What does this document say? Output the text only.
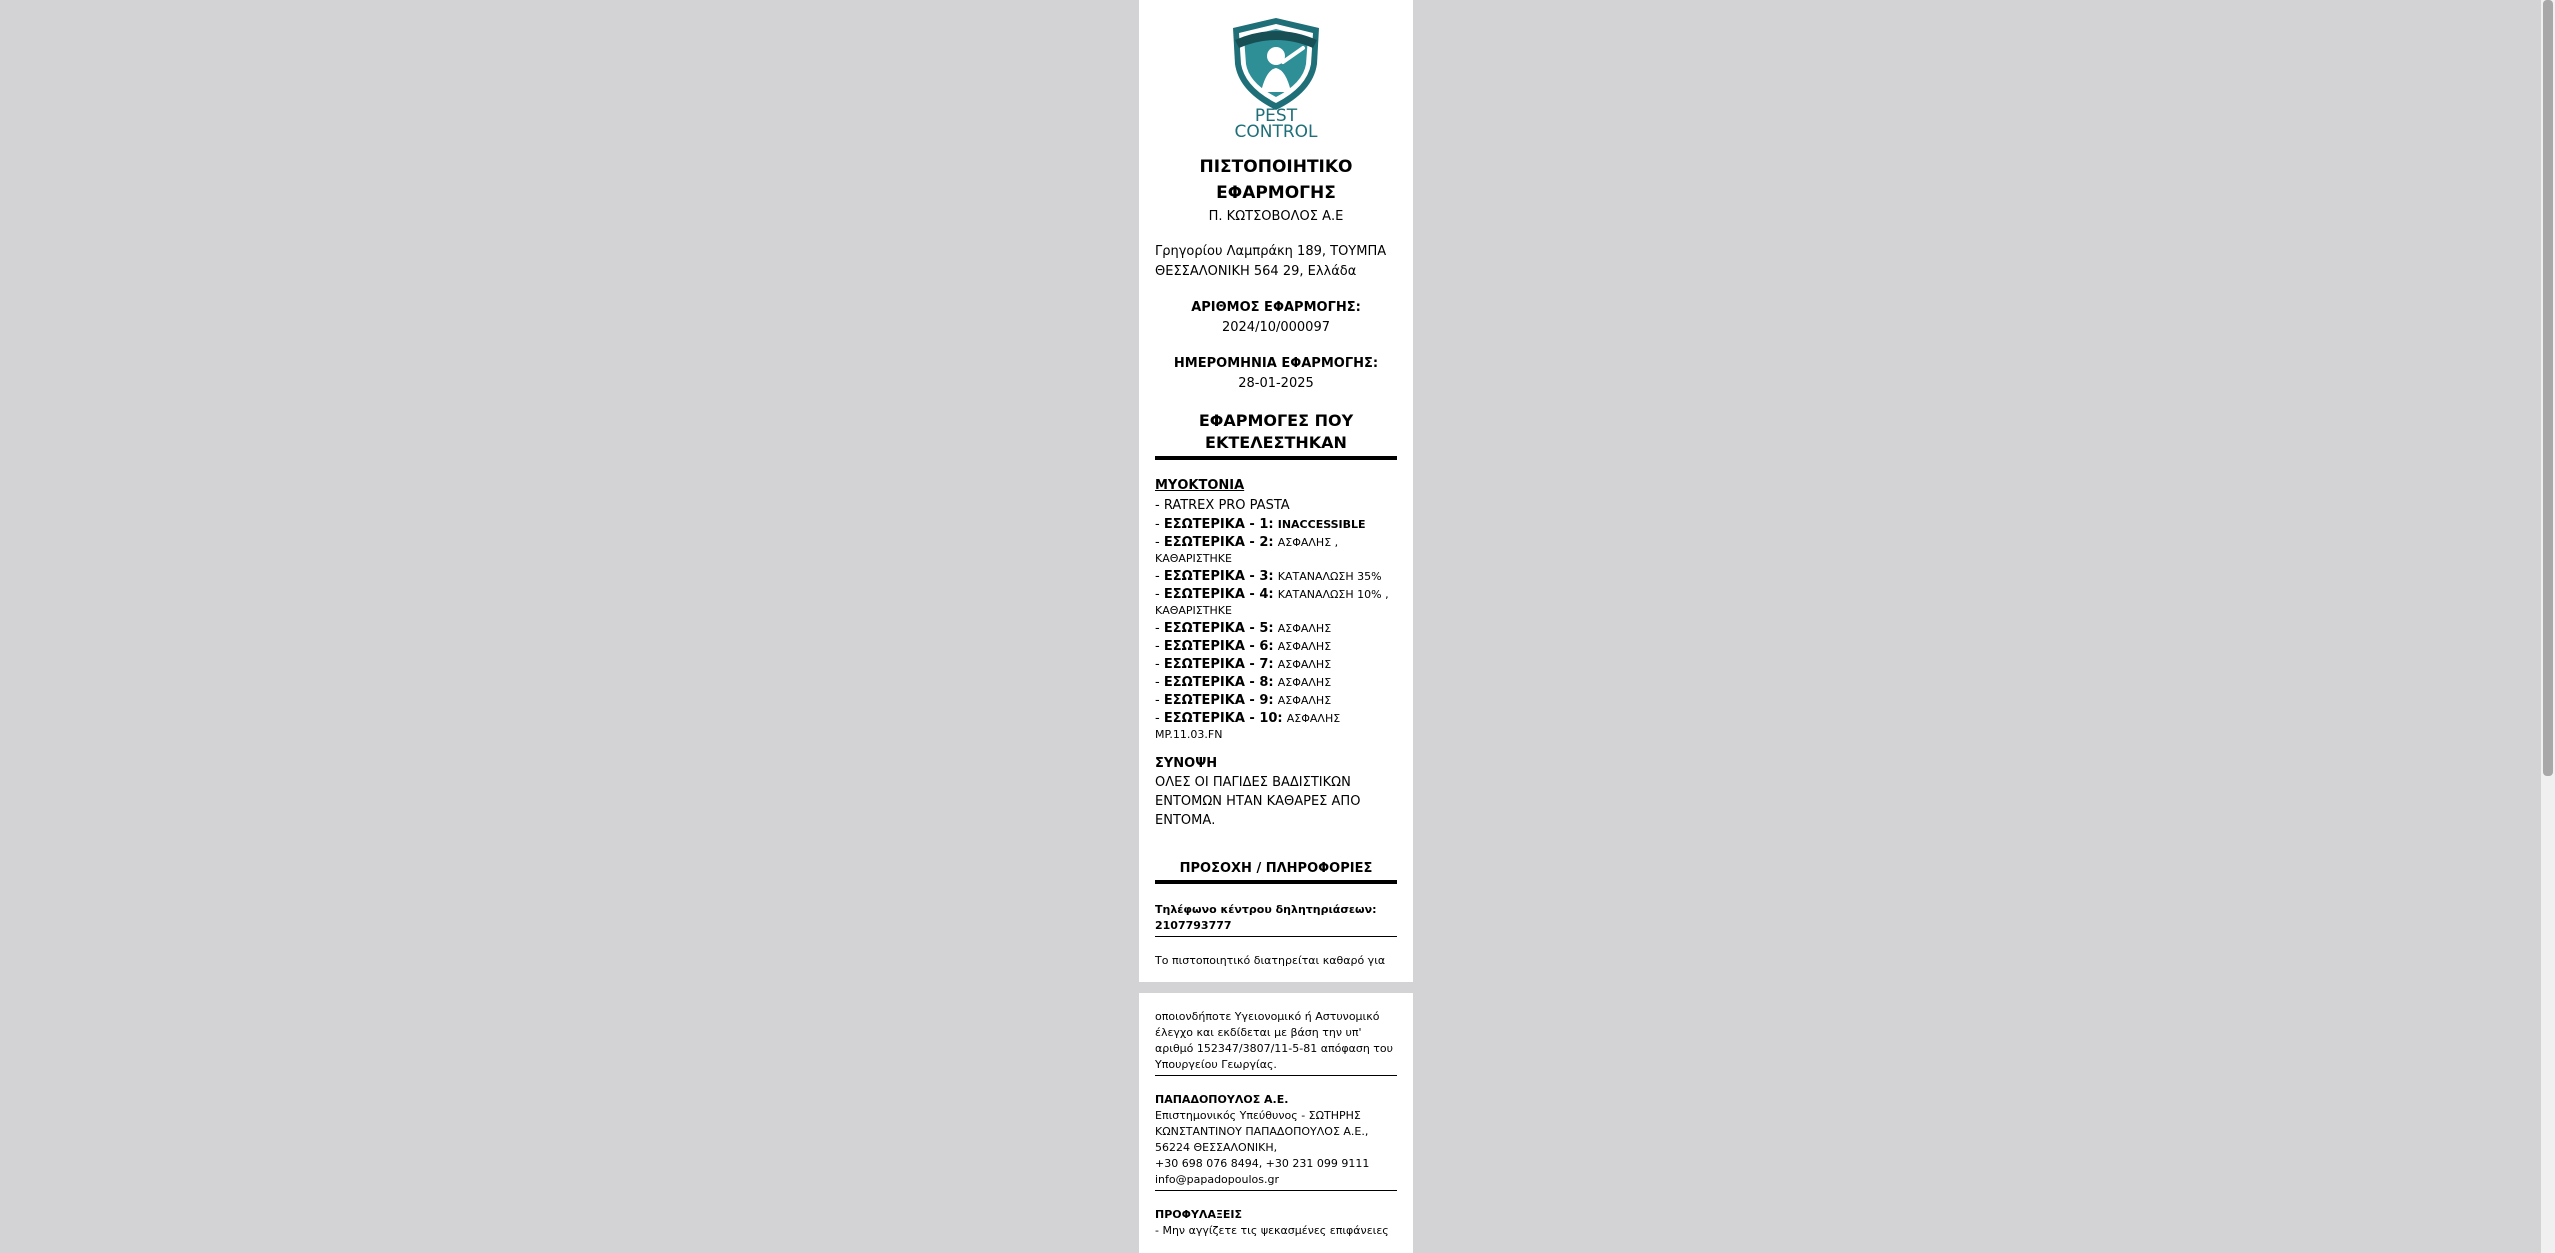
PEST
CONTROL
ΠΙΣΤΟΠΟΙΗΤΙΚΟ ΕΦΑΡΜΟΓΗΣ
Π. ΚΩΤΣΟΒΟΛΟΣ Α.Ε
Γρηγορίου Λαμπράκη 189, ΤΟΥΜΠΑ ΘΕΣΣΑΛΟΝΙΚΗ 564 29, Ελλάδα
ΑΡΙΘΜΟΣ ΕΦΑΡΜΟΓΗΣ:
2024/10/000097
ΗΜΕΡΟΜΗΝΙΑ ΕΦΑΡΜΟΓΗΣ:
28-01-2025
ΕΦΑΡΜΟΓΕΣ ΠΟΥ ΕΚΤΕΛΕΣΤΗΚΑΝ
ΜΥΟΚΤΟΝΙΑ
- RATREX PRO PASTA
- ΕΣΩΤΕΡΙΚΑ - 1: INACCESSIBLE
- ΕΣΩΤΕΡΙΚΑ - 2: ΑΣΦΑΛΗΣ , ΚΑΘΑΡΙΣΤΗΚΕ
- ΕΣΩΤΕΡΙΚΑ - 3: ΚΑΤΑΝΑΛΩΣΗ 35%
- ΕΣΩΤΕΡΙΚΑ - 4: ΚΑΤΑΝΑΛΩΣΗ 10% , ΚΑΘΑΡΙΣΤΗΚΕ
- ΕΣΩΤΕΡΙΚΑ - 5: ΑΣΦΑΛΗΣ
- ΕΣΩΤΕΡΙΚΑ - 6: ΑΣΦΑΛΗΣ
- ΕΣΩΤΕΡΙΚΑ - 7: ΑΣΦΑΛΗΣ
- ΕΣΩΤΕΡΙΚΑ - 8: ΑΣΦΑΛΗΣ
- ΕΣΩΤΕΡΙΚΑ - 9: ΑΣΦΑΛΗΣ
- ΕΣΩΤΕΡΙΚΑ - 10: ΑΣΦΑΛΗΣ
MP.11.03.FN
ΣΥΝΟΨΗ
ΟΛΕΣ ΟΙ ΠΑΓΙΔΕΣ ΒΑΔΙΣΤΙΚΩΝ ΕΝΤΟΜΩΝ ΗΤΑΝ ΚΑΘΑΡΕΣ ΑΠΟ ΕΝΤΟΜΑ.
ΠΡΟΣΟΧΗ / ΠΛΗΡΟΦΟΡΙΕΣ
Τηλέφωνο κέντρου δηλητηριάσεων: 2107793777
Το πιστοποιητικό διατηρείται καθαρό για
οποιονδήποτε Υγειονομικό ή Αστυνομικό έλεγχο και εκδίδεται με βάση την υπ' αριθμό 152347/3807/11-5-81 απόφαση του Υπουργείου Γεωργίας.
ΠΑΠΑΔΟΠΟΥΛΟΣ Α.Ε.
Επιστημονικός Υπεύθυνος - ΣΩΤΗΡΗΣ ΚΩΝΣΤΑΝΤΙΝΟΥ ΠΑΠΑΔΟΠΟΥΛΟΣ Α.Ε., 56224 ΘΕΣΣΑΛΟΝΙΚΗ,
+30 698 076 8494, +30 231 099 9111
info@papadopoulos.gr
ΠΡΟΦΥΛΑΞΕΙΣ
- Μην αγγίζετε τις ψεκασμένες επιφάνειες
